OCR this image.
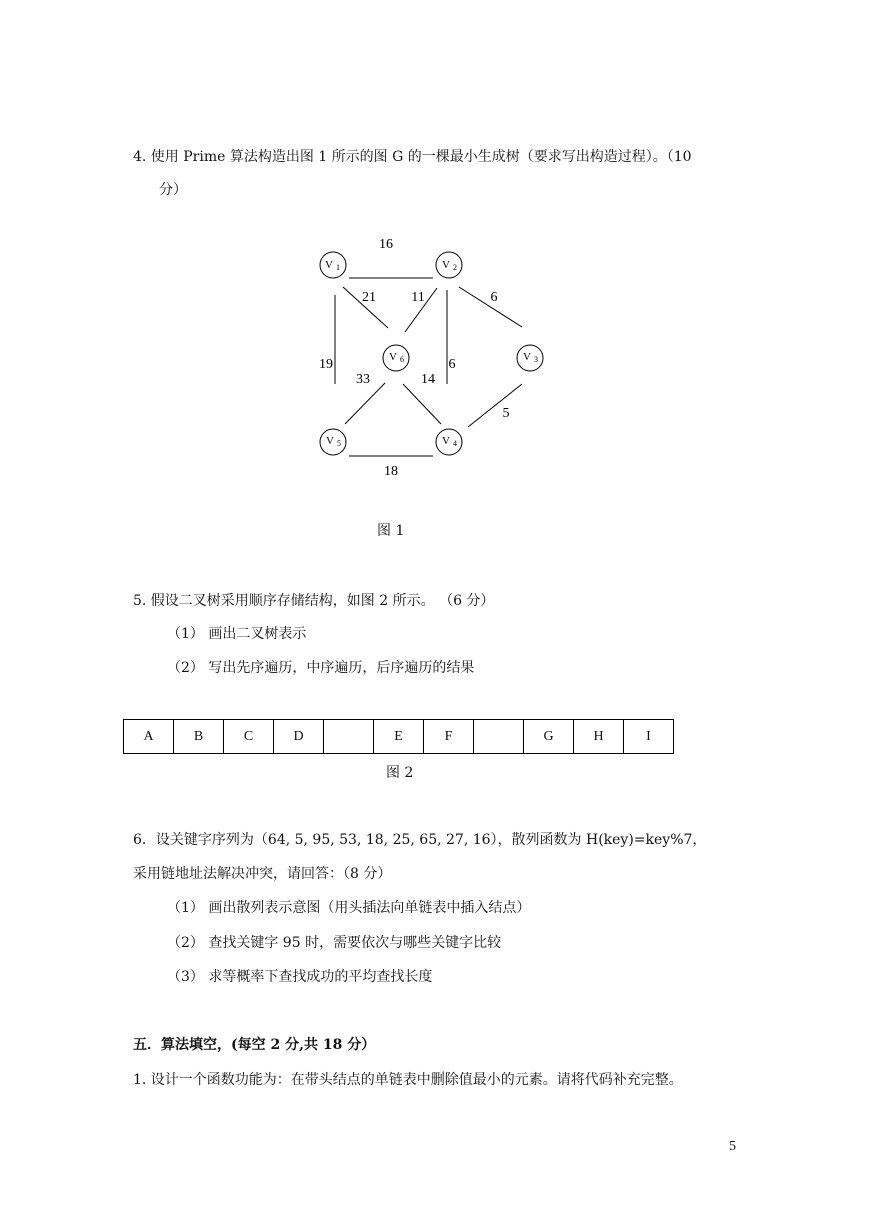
4. 使用 Prime 算法构造出图 1 所示的图 G 的一棵最小生成树（要求写出构造过程）。（10
分）
V 1	V 2
V 3
V 6
V 5	V 4
16
21	11	6
19
33	14
6
5
18
图 1
5. 假设二叉树采用顺序存储结构，如图 2 所示。 （6 分）
（1） 画出二叉树表示
（2） 写出先序遍历，中序遍历，后序遍历的结果
A	B	C	D		E	F		G	H	I
图 2
6．设关键字序列为（64, 5, 95, 53, 18, 25, 65, 27, 16），散列函数为 H(key)=key%7，
采用链地址法解决冲突，请回答：（8 分）
（1） 画出散列表示意图（用头插法向单链表中插入结点）
（2） 查找关键字 95 时，需要依次与哪些关键字比较
（3） 求等概率下查找成功的平均查找长度
五．算法填空，(每空 2 分,共 18 分）
1. 设计一个函数功能为：在带头结点的单链表中删除值最小的元素。请将代码补充完整。
5
